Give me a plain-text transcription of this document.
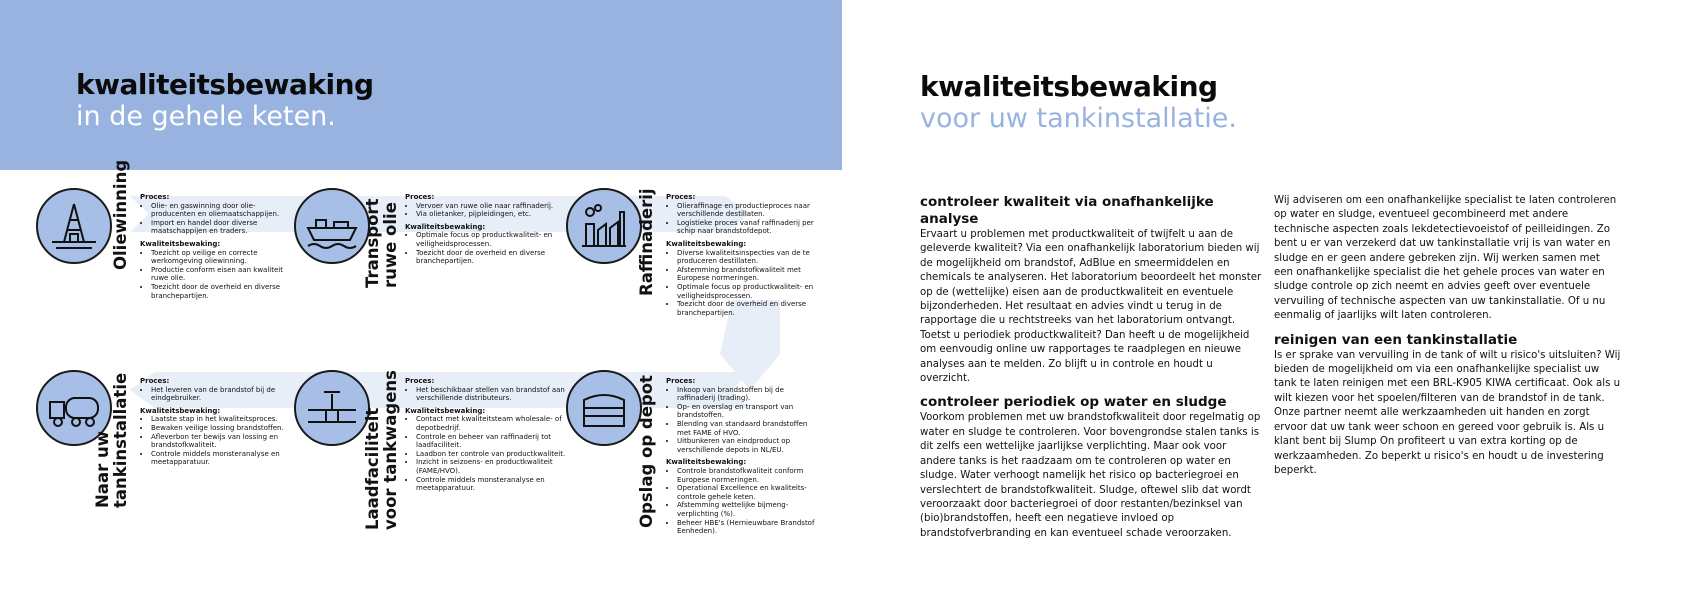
kwaliteitsbewaking
in de gehele keten.
Oliewinning Proces:
• Olie- en gaswinning door olie-producenten en oliemaatschappijen.
• Import en handel door diverse maatschappijen en traders.
Kwaliteitsbewaking:
• Toezicht op veilige en correcte werkomgeving oliewinning.
• Productie conform eisen aan kwaliteit ruwe olie.
• Toezicht door de overheid en diverse branchepartijen.
Transport ruwe olie
Proces:
• Vervoer van ruwe olie naar raffinaderij.
• Via olietanker, pijpleidingen, etc.
Kwaliteitsbewaking:
• Optimale focus op productkwaliteit- en veiligheidsprocessen.
• Toezicht door de overheid en diverse branchepartijen.	Raffinaderij Proces:
• Olieraffinage en productieproces naar verschillende destillaten.
• Logistieke proces vanaf raffinaderij per schip naar brandstofdepot.
Kwaliteitsbewaking:
• Diverse kwaliteitsinspecties van de te produceren destillaten.
• Afstemming brandstofkwaliteit met Europese normeringen.
• Optimale focus op productkwaliteit- en veiligheidsprocessen.
• Toezicht door de overheid en diverse branchepartijen.
Naar uw tankinstallatie Proces:
• Het leveren van de brandstof bij de eindgebruiker.
Kwaliteitsbewaking:
• Laatste stap in het kwaliteitsproces.
• Bewaken veilige lossing brandstoffen.
• Afleverbon ter bewijs van lossing en brandstofkwaliteit.
• Controle middels monsteranalyse en meetapparatuur.	Laadfaciliteit voor tankwagens Proces:
• Het beschikbaar stellen van brandstof aan verschillende distributeurs.
Kwaliteitsbewaking:
• Contact met kwaliteitsteam wholesale- of depotbedrijf.
• Controle en beheer van raffinaderij tot laadfaciliteit.
• Laadbon ter controle van productkwaliteit.
• Inzicht in seizoens- en productkwaliteit (FAME/HVO).
• Controle middels monsteranalyse en meetapparatuur.	Opslag op depot Proces:
• Inkoop van brandstoffen bij de raffinaderij (trading).
• Op- en overslag en transport van brandstoffen.
• Blending van standaard brandstoffen met FAME of HVO.
• Uitbunkeren van eindproduct op verschillende depots in NL/EU.
Kwaliteitsbewaking:
• Controle brandstofkwaliteit conform Europese normeringen.
• Operational Excellence en kwaliteits-controle gehele keten.
• Afstemming wettelijke bijmeng-verplichting (%).
• Beheer HBE's (Hernieuwbare Brandstof Eenheden).
kwaliteitsbewaking
voor uw tankinstallatie.
controleer kwaliteit via onafhankelijke analyse

Ervaart u problemen met productkwaliteit of twijfelt u aan de geleverde kwaliteit? Via een onafhankelijk laboratorium bieden wij de mogelijkheid om brandstof, AdBlue en smeermiddelen en chemicals te analyseren. Het laboratorium beoordeelt het monster op de (wettelijke) eisen aan de productkwaliteit en eventuele bijzonderheden. Het resultaat en advies vindt u terug in de rapportage die u rechtstreeks van het laboratorium ontvangt. Toetst u periodiek productkwaliteit? Dan heeft u de mogelijkheid om eenvoudig online uw rapportages te raadplegen en nieuwe analyses aan te melden. Zo blijft u in controle en houdt u overzicht.

controleer periodiek op water en sludge

Voorkom problemen met uw brandstofkwaliteit door regelmatig op water en sludge te controleren. Voor bovengrondse stalen tanks is dit zelfs een wettelijke jaarlijkse verplichting. Maar ook voor andere tanks is het raadzaam om te controleren op water en sludge. Water verhoogt namelijk het risico op bacteriegroei en verslechtert de brandstofkwaliteit. Sludge, oftewel slib dat wordt veroorzaakt door bacteriegroei of door restanten/bezinksel van (bio)brandstoffen, heeft een negatieve invloed op brandstofverbranding en kan eventueel schade veroorzaken.

Wij adviseren om een onafhankelijke specialist te laten controleren op water en sludge, eventueel gecombineerd met andere technische aspecten zoals lekdetectievoeistof of peilleidingen. Zo bent u er van verzekerd dat uw tankinstallatie vrij is van water en sludge en er geen andere gebreken zijn. Wij werken samen met een onafhankelijke specialist die het gehele proces van water en sludge controle op zich neemt en advies geeft over eventuele vervuiling of technische aspecten van uw tankinstallatie. Of u nu eenmalig of jaarlijks wilt laten controleren.

reinigen van een tankinstallatie

Is er sprake van vervuiling in de tank of wilt u risico's uitsluiten? Wij bieden de mogelijkheid om via een onafhankelijke specialist uw tank te laten reinigen met een BRL-K905 KIWA certificaat. Ook als u wilt kiezen voor het spoelen/filteren van de brandstof in de tank. Onze partner neemt alle werkzaamheden uit handen en zorgt ervoor dat uw tank weer schoon en gereed voor gebruik is. Als u klant bent bij Slump On profiteert u van extra korting op de werkzaamheden. Zo beperkt u risico's en houdt u de investering beperkt.
